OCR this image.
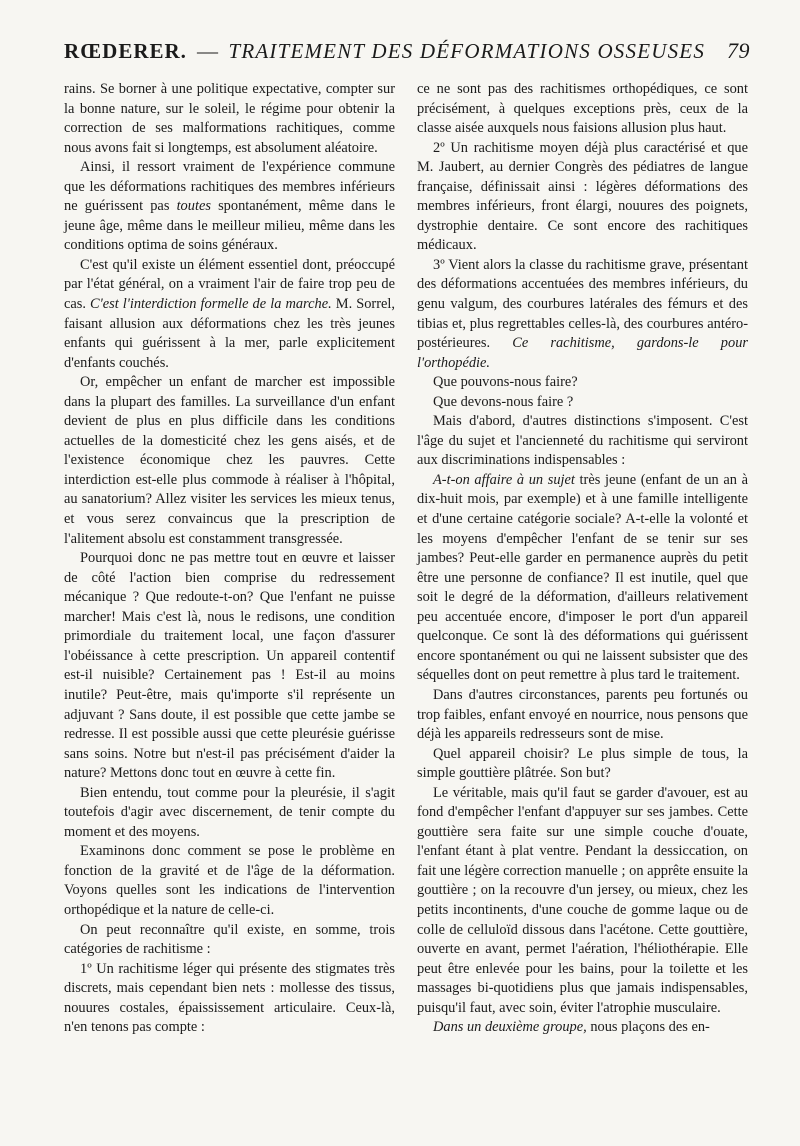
RŒDERER. — TRAITEMENT DES DÉFORMATIONS OSSEUSES 79

rains. Se borner à une politique expectative, compter sur la bonne nature, sur le soleil, le régime pour obtenir la correction de ses malformations rachitiques, comme nous avons fait si longtemps, est absolument aléatoire.

Ainsi, il ressort vraiment de l'expérience commune que les déformations rachitiques des membres inférieurs ne guérissent pas toutes spontanément, même dans le jeune âge, même dans le meilleur milieu, même dans les conditions optima de soins généraux.

C'est qu'il existe un élément essentiel dont, préoccupé par l'état général, on a vraiment l'air de faire trop peu de cas. C'est l'interdiction formelle de la marche. M. Sorrel, faisant allusion aux déformations chez les très jeunes enfants qui guérissent à la mer, parle explicitement d'enfants couchés.

Or, empêcher un enfant de marcher est impossible dans la plupart des familles. La surveillance d'un enfant devient de plus en plus difficile dans les conditions actuelles de la domesticité chez les gens aisés, et de l'existence économique chez les pauvres. Cette interdiction est-elle plus commode à réaliser à l'hôpital, au sanatorium? Allez visiter les services les mieux tenus, et vous serez convaincus que la prescription de l'alitement absolu est constamment transgressée.

Pourquoi donc ne pas mettre tout en œuvre et laisser de côté l'action bien comprise du redressement mécanique ? Que redoute-t-on? Que l'enfant ne puisse marcher! Mais c'est là, nous le redisons, une condition primordiale du traitement local, une façon d'assurer l'obéissance à cette prescription. Un appareil contentif est-il nuisible? Certainement pas ! Est-il au moins inutile? Peut-être, mais qu'importe s'il représente un adjuvant ? Sans doute, il est possible que cette jambe se redresse. Il est possible aussi que cette pleurésie guérisse sans soins. Notre but n'est-il pas précisément d'aider la nature? Mettons donc tout en œuvre à cette fin.

Bien entendu, tout comme pour la pleurésie, il s'agit toutefois d'agir avec discernement, de tenir compte du moment et des moyens.

Examinons donc comment se pose le problème en fonction de la gravité et de l'âge de la déformation. Voyons quelles sont les indications de l'intervention orthopédique et la nature de celle-ci.

On peut reconnaître qu'il existe, en somme, trois catégories de rachitisme :

1º Un rachitisme léger qui présente des stigmates très discrets, mais cependant bien nets : mollesse des tissus, nouures costales, épaississement articulaire. Ceux-là, n'en tenons pas compte :

ce ne sont pas des rachitismes orthopédiques, ce sont précisément, à quelques exceptions près, ceux de la classe aisée auxquels nous faisions allusion plus haut.

2º Un rachitisme moyen déjà plus caractérisé et que M. Jaubert, au dernier Congrès des pédiatres de langue française, définissait ainsi : légères déformations des membres inférieurs, front élargi, nouures des poignets, dystrophie dentaire. Ce sont encore des rachitiques médicaux.

3º Vient alors la classe du rachitisme grave, présentant des déformations accentuées des membres inférieurs, du genu valgum, des courbures latérales des fémurs et des tibias et, plus regrettables celles-là, des courbures antéro-postérieures. Ce rachitisme, gardons-le pour l'orthopédie.

Que pouvons-nous faire?

Que devons-nous faire ?

Mais d'abord, d'autres distinctions s'imposent. C'est l'âge du sujet et l'ancienneté du rachitisme qui serviront aux discriminations indispensables :

A-t-on affaire à un sujet très jeune (enfant de un an à dix-huit mois, par exemple) et à une famille intelligente et d'une certaine catégorie sociale? A-t-elle la volonté et les moyens d'empêcher l'enfant de se tenir sur ses jambes? Peut-elle garder en permanence auprès du petit être une personne de confiance? Il est inutile, quel que soit le degré de la déformation, d'ailleurs relativement peu accentuée encore, d'imposer le port d'un appareil quelconque. Ce sont là des déformations qui guérissent encore spontanément ou qui ne laissent subsister que des séquelles dont on peut remettre à plus tard le traitement.

Dans d'autres circonstances, parents peu fortunés ou trop faibles, enfant envoyé en nourrice, nous pensons que déjà les appareils redresseurs sont de mise.

Quel appareil choisir? Le plus simple de tous, la simple gouttière plâtrée. Son but?

Le véritable, mais qu'il faut se garder d'avouer, est au fond d'empêcher l'enfant d'appuyer sur ses jambes. Cette gouttière sera faite sur une simple couche d'ouate, l'enfant étant à plat ventre. Pendant la dessiccation, on fait une légère correction manuelle ; on apprête ensuite la gouttière ; on la recouvre d'un jersey, ou mieux, chez les petits incontinents, d'une couche de gomme laque ou de colle de celluloïd dissous dans l'acétone. Cette gouttière, ouverte en avant, permet l'aération, l'héliothérapie. Elle peut être enlevée pour les bains, pour la toilette et les massages bi-quotidiens plus que jamais indispensables, puisqu'il faut, avec soin, éviter l'atrophie musculaire.

Dans un deuxième groupe, nous plaçons des en-
